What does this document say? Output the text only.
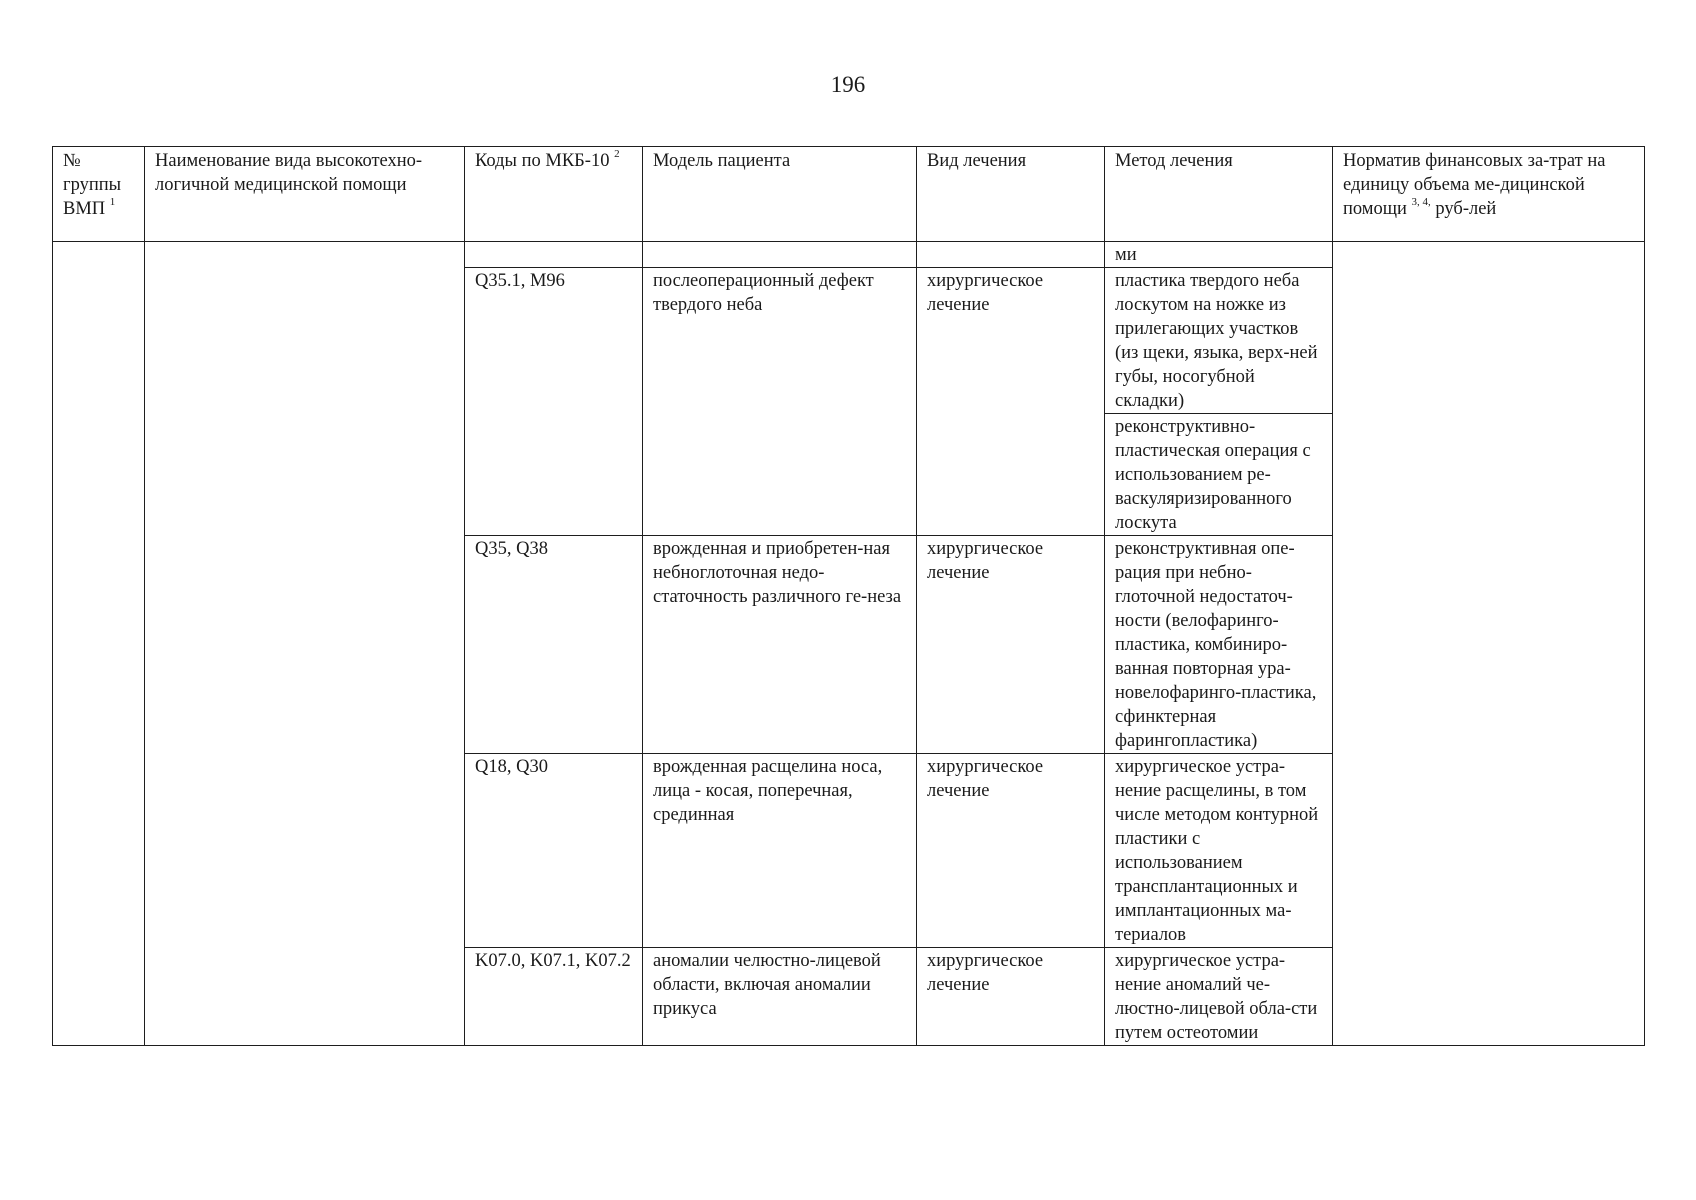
196
№ группы ВМП $^1$	Наименование вида высокотехно-логичной медицинской помощи	Коды по МКБ-10 $^2$	Модель пациента	Вид лечения	Метод лечения	Норматив финансовых за-трат на единицу объема ме-дицинской помощи $^{3, 4,}$ руб-лей
					ми	
		Q35.1, M96	послеоперационный дефект твердого неба	хирургическое лечение	пластика твердого неба лоскутом на ножке из прилегающих участков (из щеки, языка, верх-ней губы, носогубной складки)	
					реконструктивно-пластическая операция с использованием ре-васкуляризированного лоскута	
		Q35, Q38	врожденная и приобретен-ная небноглоточная недо-статочность различного ге-неза	хирургическое лечение	реконструктивная опе-рация при небно-глоточной недостаточ-ности (велофаринго-пластика, комбиниро-ванная повторная ура-новелофаринго-пластика, сфинктерная фарингопластика)	
		Q18, Q30	врожденная расщелина носа, лица - косая, поперечная, срединная	хирургическое лечение	хирургическое устра-нение расщелины, в том числе методом контурной пластики с использованием трансплантационных и имплантационных ма-териалов	
		K07.0, K07.1, K07.2	аномалии челюстно-лицевой области, включая аномалии прикуса	хирургическое лечение	хирургическое устра-нение аномалий че-люстно-лицевой обла-сти путем остеотомии	
